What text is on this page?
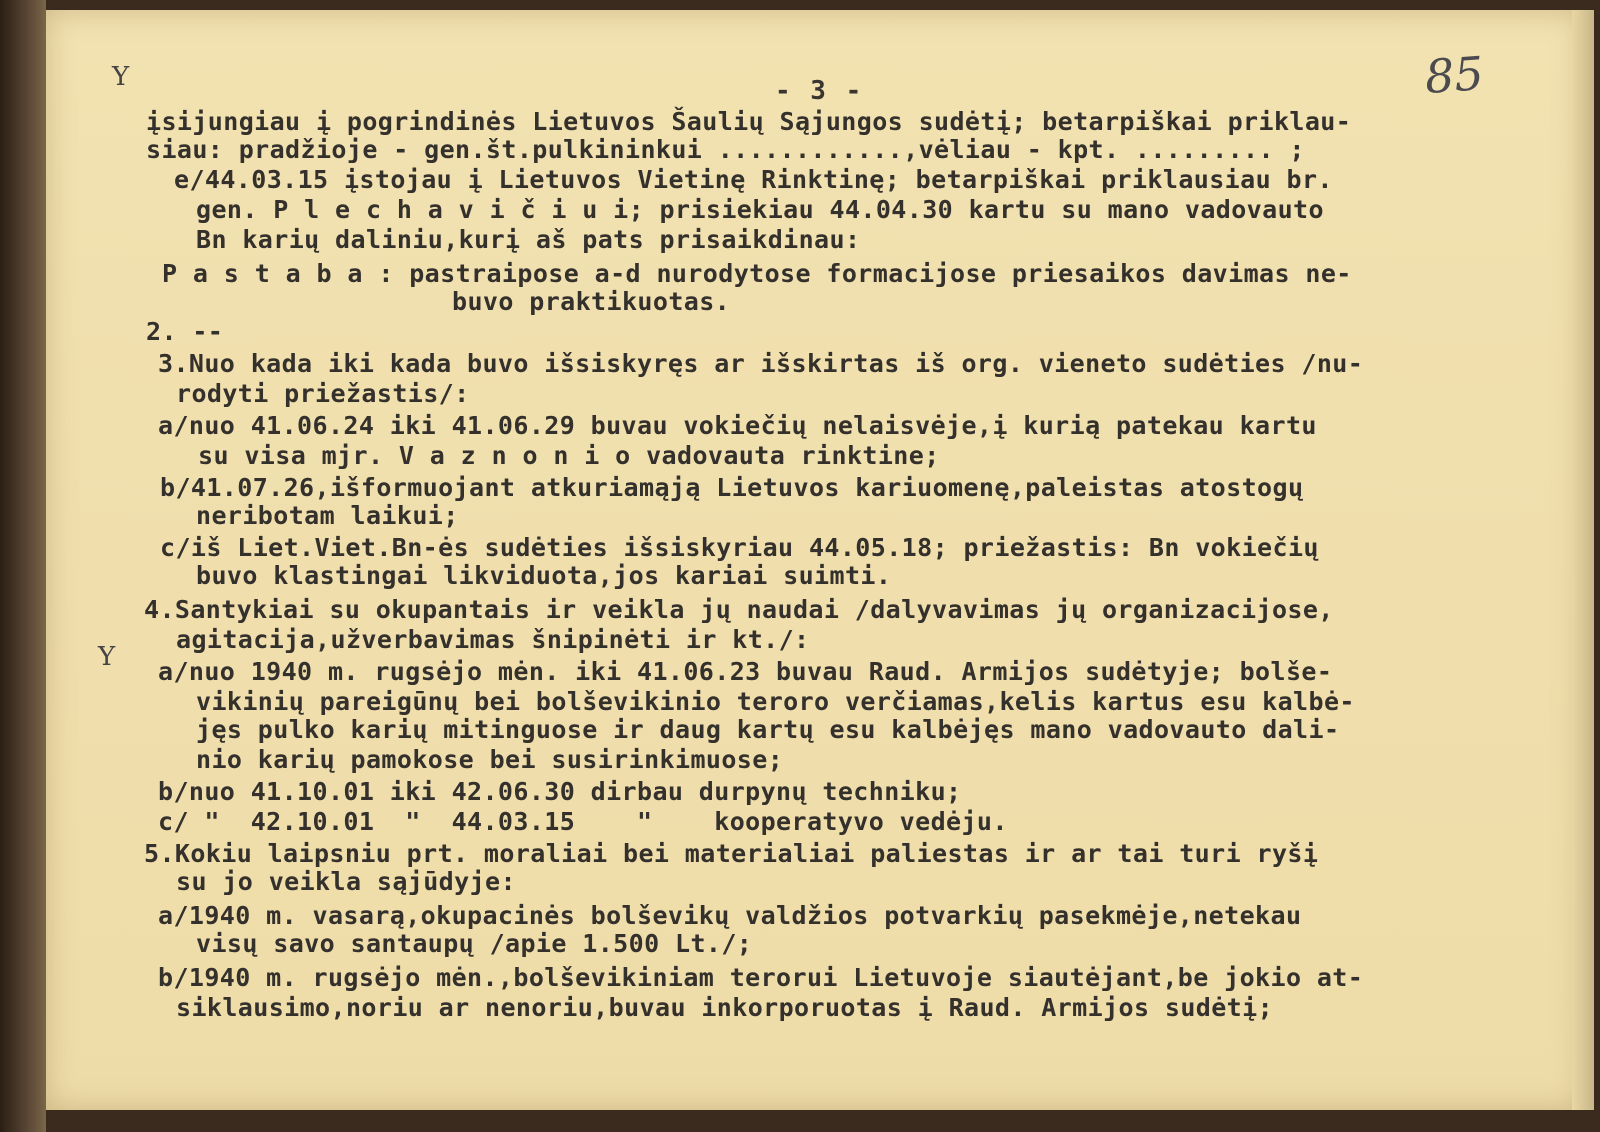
- 3 -	85
Y
Y
įsijungiau į pogrindinės Lietuvos Šaulių Sąjungos sudėtį; betarpiškai priklau-
siau: pradžioje - gen.št.pulkininkui ............,vėliau - kpt. ......... ;
e/44.03.15 įstojau į Lietuvos Vietinę Rinktinę; betarpiškai priklausiau br.
gen. P l e c h a v i č i u i; prisiekiau 44.04.30 kartu su mano vadovauto
Bn karių daliniu,kurį aš pats prisaikdinau:
P a s t a b a : pastraipose a-d nurodytose formacijose priesaikos davimas ne-
buvo praktikuotas.
2. --
3.Nuo kada iki kada buvo išsiskyręs ar išskirtas iš org. vieneto sudėties /nu-
rodyti priežastis/:
a/nuo 41.06.24 iki 41.06.29 buvau vokiečių nelaisvėje,į kurią patekau kartu
su visa mjr. V a z n o n i o vadovauta rinktine;
b/41.07.26,išformuojant atkuriamąją Lietuvos kariuomenę,paleistas atostogų
neribotam laikui;
c/iš Liet.Viet.Bn-ės sudėties išsiskyriau 44.05.18; priežastis: Bn vokiečių
buvo klastingai likviduota,jos kariai suimti.
4.Santykiai su okupantais ir veikla jų naudai /dalyvavimas jų organizacijose,
agitacija,užverbavimas šnipinėti ir kt./:
a/nuo 1940 m. rugsėjo mėn. iki 41.06.23 buvau Raud. Armijos sudėtyje; bolše-
vikinių pareigūnų bei bolševikinio teroro verčiamas,kelis kartus esu kalbė-
jęs pulko karių mitinguose ir daug kartų esu kalbėjęs mano vadovauto dali-
nio karių pamokose bei susirinkimuose;
b/nuo 41.10.01 iki 42.06.30 dirbau durpynų techniku;
c/ "  42.10.01  "  44.03.15    "    kooperatyvo vedėju.
5.Kokiu laipsniu prt. moraliai bei materialiai paliestas ir ar tai turi ryšį
su jo veikla sąjūdyje:
a/1940 m. vasarą,okupacinės bolševikų valdžios potvarkių pasekmėje,netekau
visų savo santaupų /apie 1.500 Lt./;
b/1940 m. rugsėjo mėn.,bolševikiniam terorui Lietuvoje siautėjant,be jokio at-
siklausimo,noriu ar nenoriu,buvau inkorporuotas į Raud. Armijos sudėtį;
